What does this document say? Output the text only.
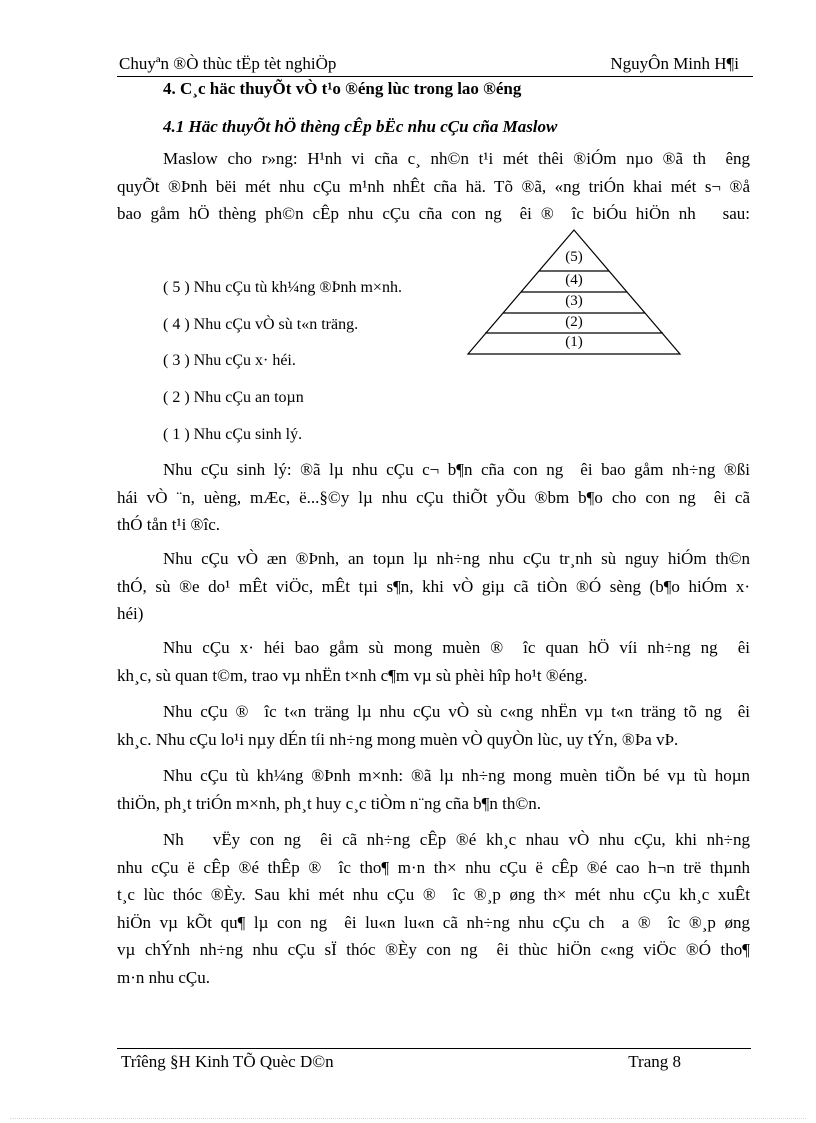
Chuyªn ®Ò thùc tËp tèt nghiÖp	NguyÔn Minh H¶i
4. C¸c häc thuyÕt vÒ t¹o ®éng lùc trong lao ®éng
4.1 Häc thuyÕt hÖ thèng cÊp bËc nhu cÇu cña Maslow
Maslow cho r»ng: H¹nh vi cña c¸ nh©n t¹i mét thêi ®iÓm nµo ®ã th  êng
quyÕt ®Þnh bëi mét nhu cÇu m¹nh nhÊt cña hä. Tõ ®ã, «ng triÓn khai mét s¬ ®å
bao gåm hÖ thèng ph©n cÊp nhu cÇu cña con ng  êi ®  îc biÓu hiÖn nh   sau:
( 5 ) Nhu cÇu tù kh¼ng ®Þnh m×nh.
( 4 ) Nhu cÇu vÒ sù t«n träng.
( 3 ) Nhu cÇu x· héi.
( 2 ) Nhu cÇu an toµn
( 1 ) Nhu cÇu sinh lý.
(5)
(4)
(3)
(2)
(1)
Nhu cÇu sinh lý: ®ã lµ nhu cÇu c¬ b¶n cña con ng  êi bao gåm nh÷ng ®ßi
hái vÒ ¨n, uèng, mÆc, ë...§©y lµ nhu cÇu thiÕt yÕu ®bm b¶o cho con ng  êi cã
thÓ tån t¹i ®îc.
Nhu cÇu vÒ æn ®Þnh, an toµn lµ nh÷ng nhu cÇu tr¸nh sù nguy hiÓm th©n
thÓ, sù ®e do¹ mÊt viÖc, mÊt tµi s¶n, khi vÒ giµ cã tiÒn ®Ó sèng (b¶o hiÓm x·
héi)
Nhu cÇu x· héi bao gåm sù mong muèn ®  îc quan hÖ víi nh÷ng ng  êi
kh¸c, sù quan t©m, trao vµ nhËn t×nh c¶m vµ sù phèi hîp ho¹t ®éng.
Nhu cÇu ®  îc t«n träng lµ nhu cÇu vÒ sù c«ng nhËn vµ t«n träng tõ ng  êi
kh¸c. Nhu cÇu lo¹i nµy dÉn tíi nh÷ng mong muèn vÒ quyÒn lùc, uy tÝn, ®Þa vÞ.
Nhu cÇu tù kh¼ng ®Þnh m×nh: ®ã lµ nh÷ng mong muèn tiÕn bé vµ tù hoµn
thiÖn, ph¸t triÓn m×nh, ph¸t huy c¸c tiÒm n¨ng cña b¶n th©n.
Nh   vËy con ng  êi cã nh÷ng cÊp ®é kh¸c nhau vÒ nhu cÇu, khi nh÷ng
nhu cÇu ë cÊp ®é thÊp ®  îc tho¶ m·n th× nhu cÇu ë cÊp ®é cao h¬n trë thµnh
t¸c lùc thóc ®Èy. Sau khi mét nhu cÇu ®  îc ®¸p øng th× mét nhu cÇu kh¸c xuÊt
hiÖn vµ kÕt qu¶ lµ con ng  êi lu«n lu«n cã nh÷ng nhu cÇu ch  a ®  îc ®¸p øng
vµ chÝnh nh÷ng nhu cÇu sÏ thóc ®Èy con ng  êi thùc hiÖn c«ng viÖc ®Ó tho¶
m·n nhu cÇu.
Trîêng §H Kinh TÕ Quèc D©n	Trang 8
